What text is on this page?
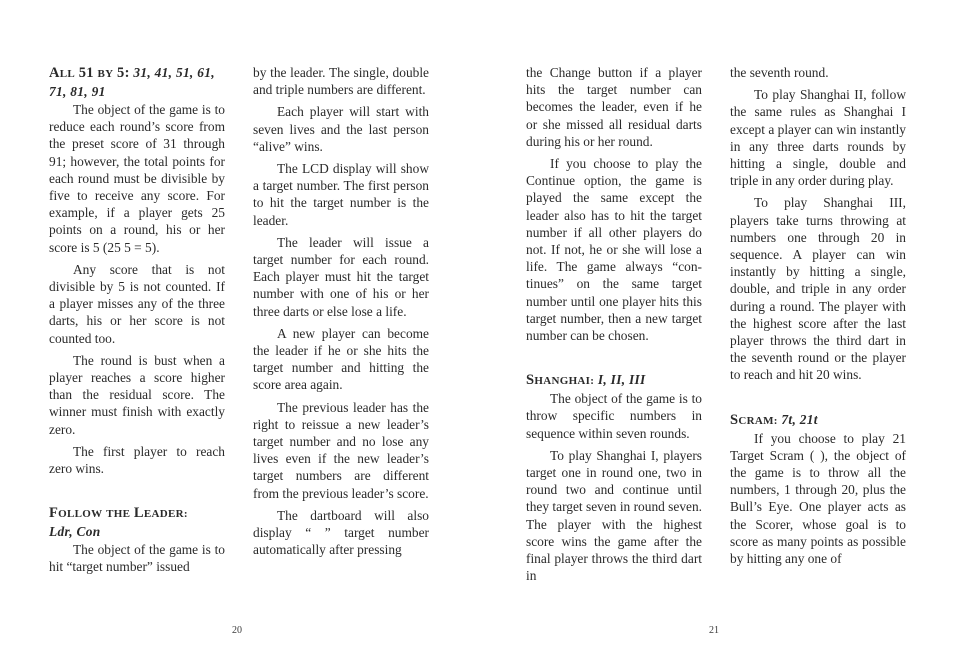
ALL 51 BY 5: 31, 41, 51, 61, 71, 81, 91

The object of the game is to reduce each round’s score from the preset score of 31 through 91; however, the total points for each round must be divisible by five to receive any score. For example, if a player gets 25 points on a round, his or her score is 5 (25 5 = 5).

Any score that is not divisible by 5 is not counted. If a player misses any of the three darts, his or her score is not counted too.

The round is bust when a player reaches a score higher than the residual score. The winner must finish with exactly zero.

The first player to reach zero wins.

FOLLOW THE LEADER:
Ldr, Con

The object of the game is to hit “target number” issued

by the leader. The single, double and triple numbers are different.

Each player will start with seven lives and the last person “alive” wins.

The LCD display will show a target number. The first person to hit the target number is the leader.

The leader will issue a target number for each round. Each player must hit the target number with one of his or her three darts or else lose a life.

A new player can become the leader if he or she hits the target number and hitting the score area again.

The previous leader has the right to reissue a new leader’s target number and no lose any lives even if the new leader’s target numbers are different from the previous leader’s score.

The dartboard will also display “ ” target number automatically after pressing

the Change button if a player hits the target number can becomes the leader, even if he or she missed all residual darts during his or her round.

If you choose to play the Continue option, the game is played the same except the leader also has to hit the target number if all other players do not. If not, he or she will lose a life. The game always “con-tinues” on the same target number until one player hits this target number, then a new target number can be chosen.

SHANGHAI: I, II, III

The object of the game is to throw specific numbers in sequence within seven rounds.

To play Shanghai I, players target one in round one, two in round two and continue until they target seven in round seven. The player with the highest score wins the game after the final player throws the third dart in

the seventh round.

To play Shanghai II, follow the same rules as Shanghai I except a player can win instantly in any three darts rounds by hitting a single, double and triple in any order during play.

To play Shanghai III, players take turns throwing at numbers one through 20 in sequence. A player can win instantly by hitting a single, double, and triple in any order during a round. The player with the highest score after the last player throws the third dart in the seventh round or the player to reach and hit 20 wins.

SCRAM: 7t, 21t

If you choose to play 21 Target Scram ( ), the object of the game is to throw all the numbers, 1 through 20, plus the Bull’s Eye. One player acts as the Scorer, whose goal is to score as many points as possible by hitting any one of

20	21
